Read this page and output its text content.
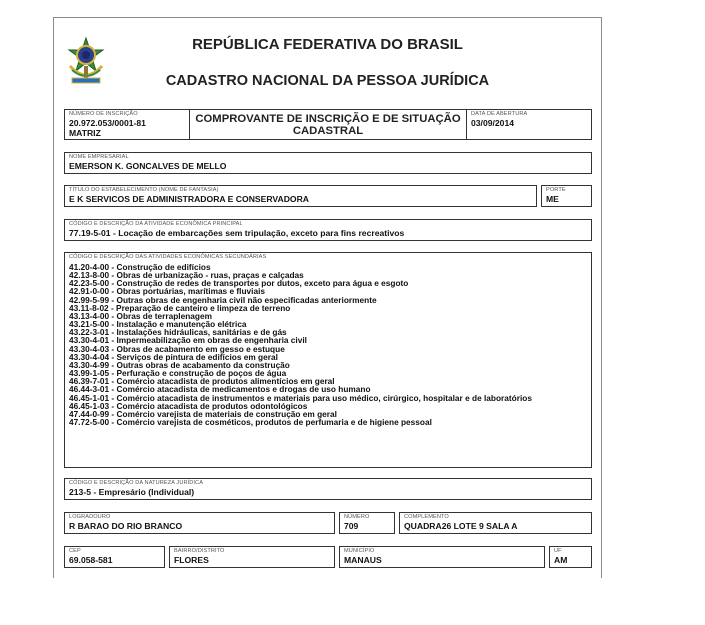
REPÚBLICA FEDERATIVA DO BRASIL
CADASTRO NACIONAL DA PESSOA JURÍDICA
NÚMERO DE INSCRIÇÃO
20.972.053/0001-81
MATRIZ
COMPROVANTE DE INSCRIÇÃO E DE SITUAÇÃO
CADASTRAL
DATA DE ABERTURA
03/09/2014
NOME EMPRESARIAL
EMERSON K. GONCALVES DE MELLO
TÍTULO DO ESTABELECIMENTO (NOME DE FANTASIA)
E K SERVICOS DE ADMINISTRADORA E CONSERVADORA
PORTE
ME
CÓDIGO E DESCRIÇÃO DA ATIVIDADE ECONÔMICA PRINCIPAL
77.19-5-01 - Locação de embarcações sem tripulação, exceto para fins recreativos
CÓDIGO E DESCRIÇÃO DAS ATIVIDADES ECONÔMICAS SECUNDÁRIAS
41.20-4-00 - Construção de edifícios
42.13-8-00 - Obras de urbanização - ruas, praças e calçadas
42.23-5-00 - Construção de redes de transportes por dutos, exceto para água e esgoto
42.91-0-00 - Obras portuárias, marítimas e fluviais
42.99-5-99 - Outras obras de engenharia civil não especificadas anteriormente
43.11-8-02 - Preparação de canteiro e limpeza de terreno
43.13-4-00 - Obras de terraplenagem
43.21-5-00 - Instalação e manutenção elétrica
43.22-3-01 - Instalações hidráulicas, sanitárias e de gás
43.30-4-01 - Impermeabilização em obras de engenharia civil
43.30-4-03 - Obras de acabamento em gesso e estuque
43.30-4-04 - Serviços de pintura de edifícios em geral
43.30-4-99 - Outras obras de acabamento da construção
43.99-1-05 - Perfuração e construção de poços de água
46.39-7-01 - Comércio atacadista de produtos alimentícios em geral
46.44-3-01 - Comércio atacadista de medicamentos e drogas de uso humano
46.45-1-01 - Comércio atacadista de instrumentos e materiais para uso médico, cirúrgico, hospitalar e de laboratórios
46.45-1-03 - Comércio atacadista de produtos odontológicos
47.44-0-99 - Comércio varejista de materiais de construção em geral
47.72-5-00 - Comércio varejista de cosméticos, produtos de perfumaria e de higiene pessoal
CÓDIGO E DESCRIÇÃO DA NATUREZA JURÍDICA
213-5 - Empresário (Individual)
LOGRADOURO
R BARAO DO RIO BRANCO
NÚMERO
709
COMPLEMENTO
QUADRA26 LOTE 9 SALA A
CEP
69.058-581
BAIRRO/DISTRITO
FLORES
MUNICÍPIO
MANAUS
UF
AM
